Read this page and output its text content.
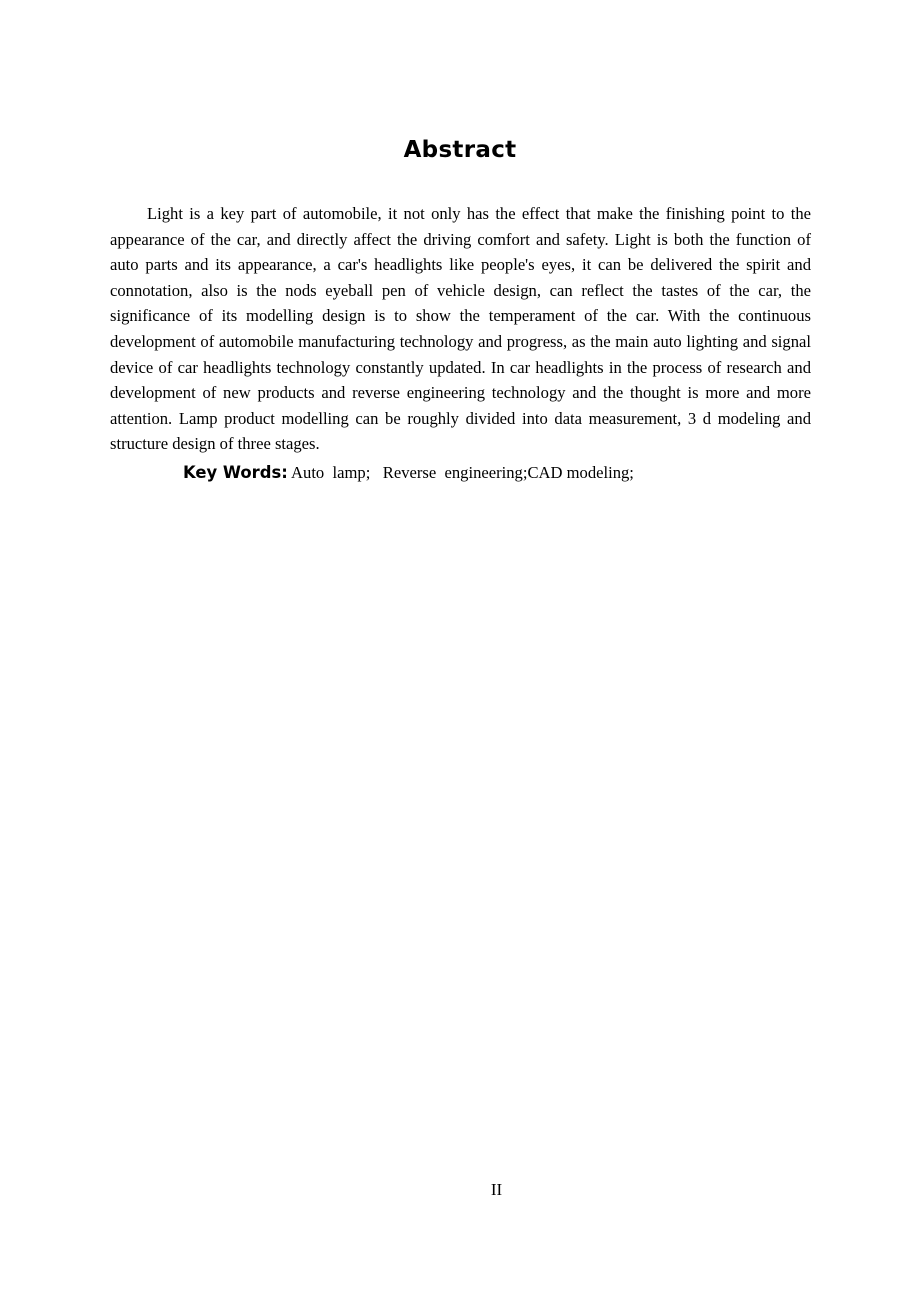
Abstract

Light is a key part of automobile, it not only has the effect that make the finishing point to the appearance of the car, and directly affect the driving comfort and safety. Light is both the function of auto parts and its appearance, a car's headlights like people's eyes, it can be delivered the spirit and connotation, also is the nods eyeball pen of vehicle design, can reflect the tastes of the car, the significance of its modelling design is to show the temperament of the car. With the continuous development of automobile manufacturing technology and progress, as the main auto lighting and signal device of car headlights technology constantly updated. In car headlights in the process of research and development of new products and reverse engineering technology and the thought is more and more attention. Lamp product modelling can be roughly divided into data measurement, 3 d modeling and structure design of three stages.

Key Words: Auto  lamp;   Reverse  engineering;CAD modeling;
II
